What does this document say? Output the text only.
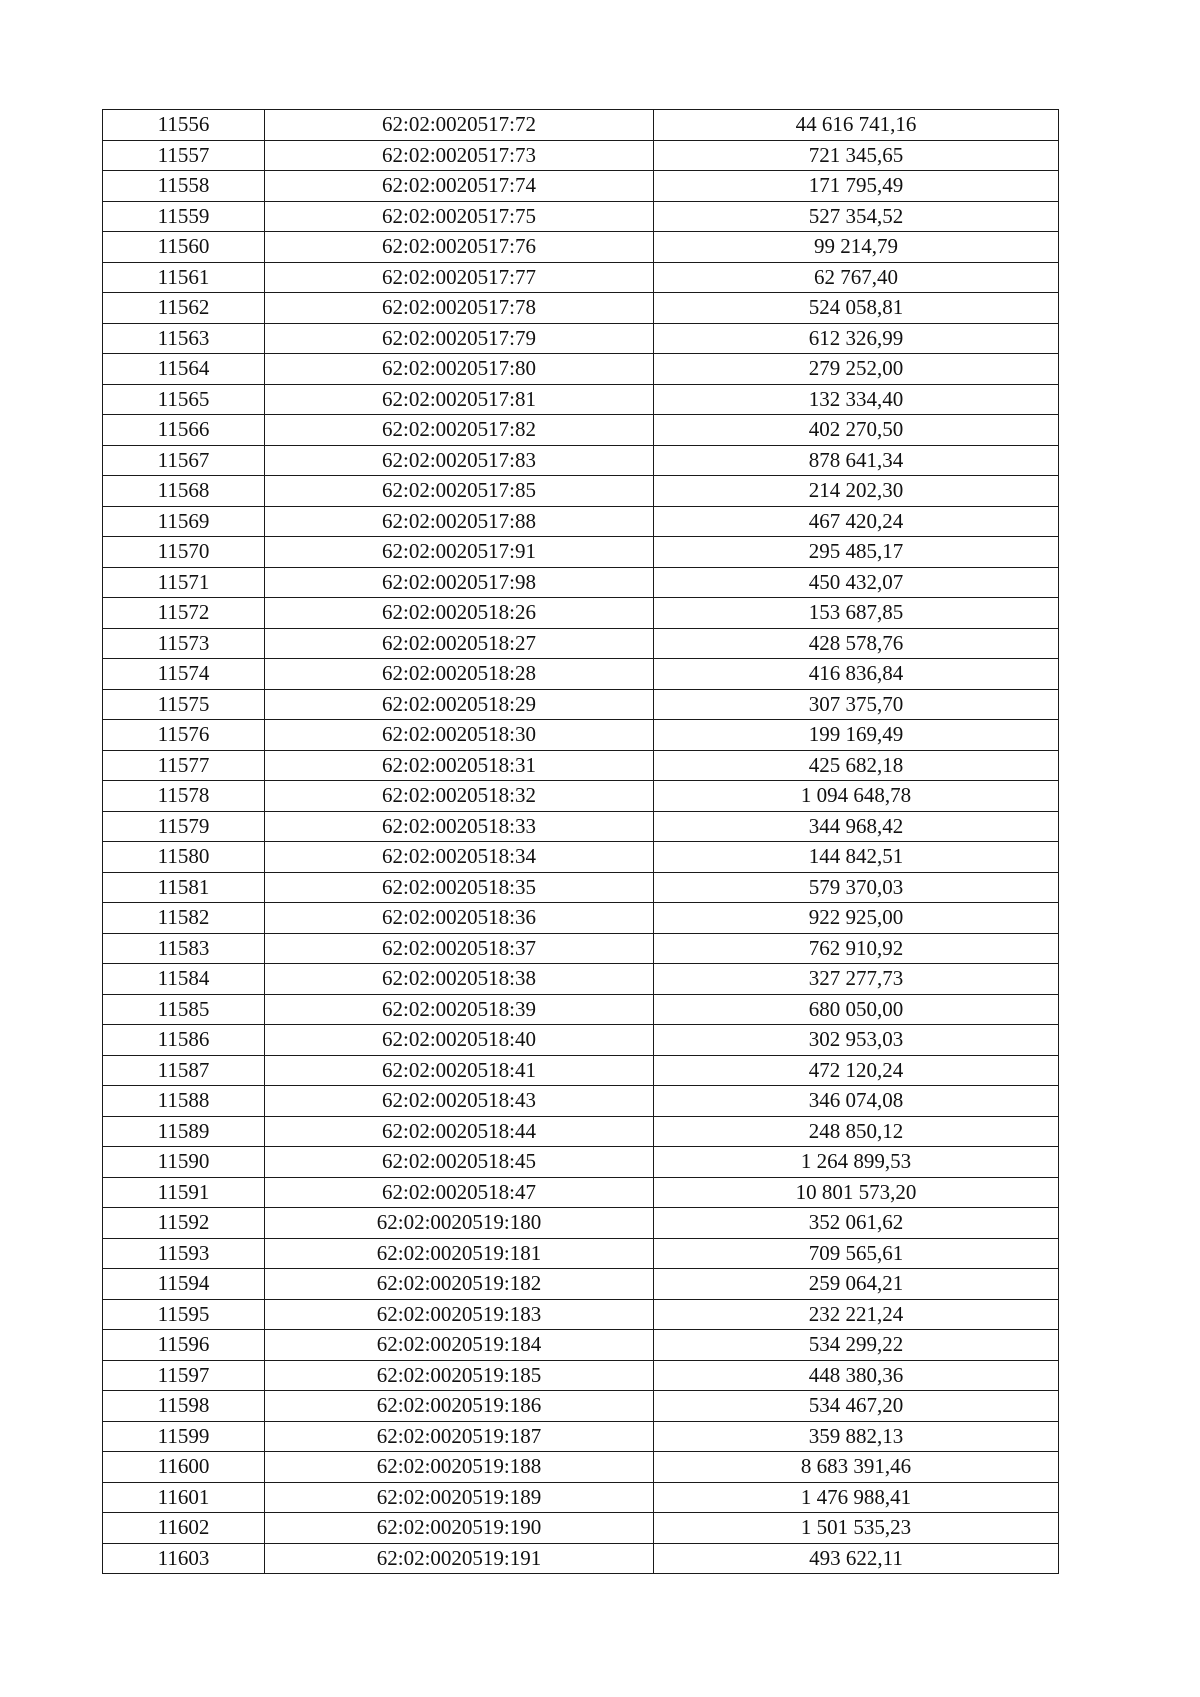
11556	62:02:0020517:72	44 616 741,16
11557	62:02:0020517:73	721 345,65
11558	62:02:0020517:74	171 795,49
11559	62:02:0020517:75	527 354,52
11560	62:02:0020517:76	99 214,79
11561	62:02:0020517:77	62 767,40
11562	62:02:0020517:78	524 058,81
11563	62:02:0020517:79	612 326,99
11564	62:02:0020517:80	279 252,00
11565	62:02:0020517:81	132 334,40
11566	62:02:0020517:82	402 270,50
11567	62:02:0020517:83	878 641,34
11568	62:02:0020517:85	214 202,30
11569	62:02:0020517:88	467 420,24
11570	62:02:0020517:91	295 485,17
11571	62:02:0020517:98	450 432,07
11572	62:02:0020518:26	153 687,85
11573	62:02:0020518:27	428 578,76
11574	62:02:0020518:28	416 836,84
11575	62:02:0020518:29	307 375,70
11576	62:02:0020518:30	199 169,49
11577	62:02:0020518:31	425 682,18
11578	62:02:0020518:32	1 094 648,78
11579	62:02:0020518:33	344 968,42
11580	62:02:0020518:34	144 842,51
11581	62:02:0020518:35	579 370,03
11582	62:02:0020518:36	922 925,00
11583	62:02:0020518:37	762 910,92
11584	62:02:0020518:38	327 277,73
11585	62:02:0020518:39	680 050,00
11586	62:02:0020518:40	302 953,03
11587	62:02:0020518:41	472 120,24
11588	62:02:0020518:43	346 074,08
11589	62:02:0020518:44	248 850,12
11590	62:02:0020518:45	1 264 899,53
11591	62:02:0020518:47	10 801 573,20
11592	62:02:0020519:180	352 061,62
11593	62:02:0020519:181	709 565,61
11594	62:02:0020519:182	259 064,21
11595	62:02:0020519:183	232 221,24
11596	62:02:0020519:184	534 299,22
11597	62:02:0020519:185	448 380,36
11598	62:02:0020519:186	534 467,20
11599	62:02:0020519:187	359 882,13
11600	62:02:0020519:188	8 683 391,46
11601	62:02:0020519:189	1 476 988,41
11602	62:02:0020519:190	1 501 535,23
11603	62:02:0020519:191	493 622,11
